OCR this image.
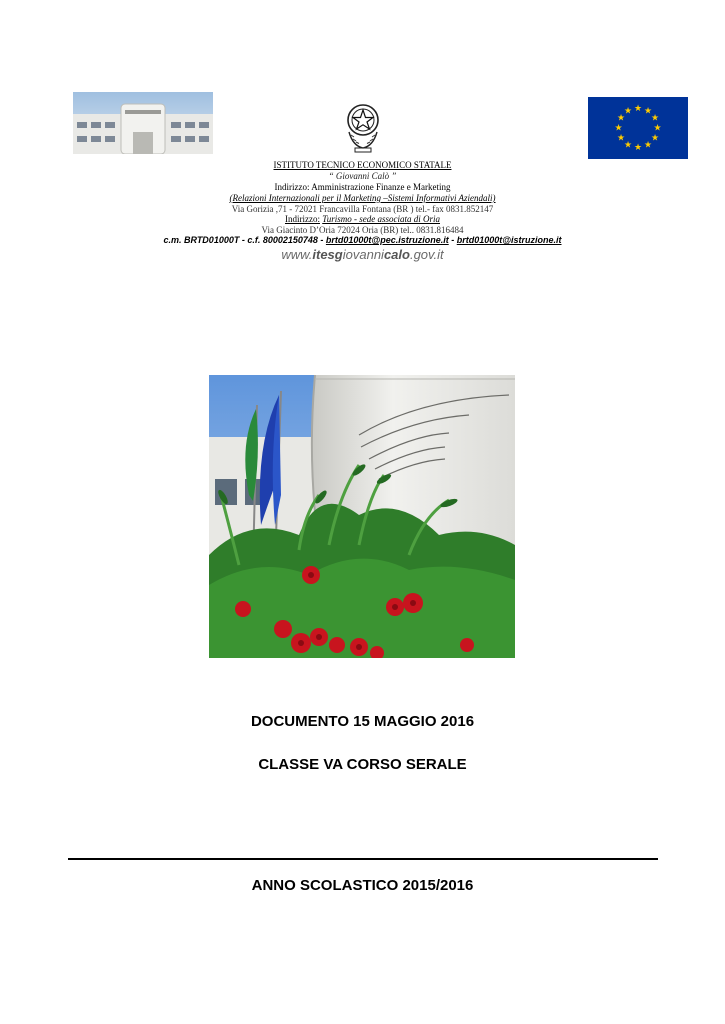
★ ★
★
★
★
★
★
★
★
★
★
★
ISTITUTO TECNICO ECONOMICO STATALE
“ Giovanni Calò ”
Indirizzo: Amministrazione Finanze e Marketing
(Relazioni Internazionali per il Marketing –Sistemi Informativi Aziendali)
Via Gorizia ,71 - 72021 Francavilla Fontana (BR ) tel.- fax 0831.852147
Indirizzo: Turismo - sede associata di Oria
Via Giacinto D’Oria 72024 Oria (BR) tel.. 0831.816484
c.m. BRTD01000T - c.f. 80002150748 - brtd01000t@pec.istruzione.it - brtd01000t@istruzione.it
www.itesgiovannicalo.gov.it
DOCUMENTO 15 MAGGIO 2016
CLASSE VA CORSO SERALE
ANNO SCOLASTICO 2015/2016
